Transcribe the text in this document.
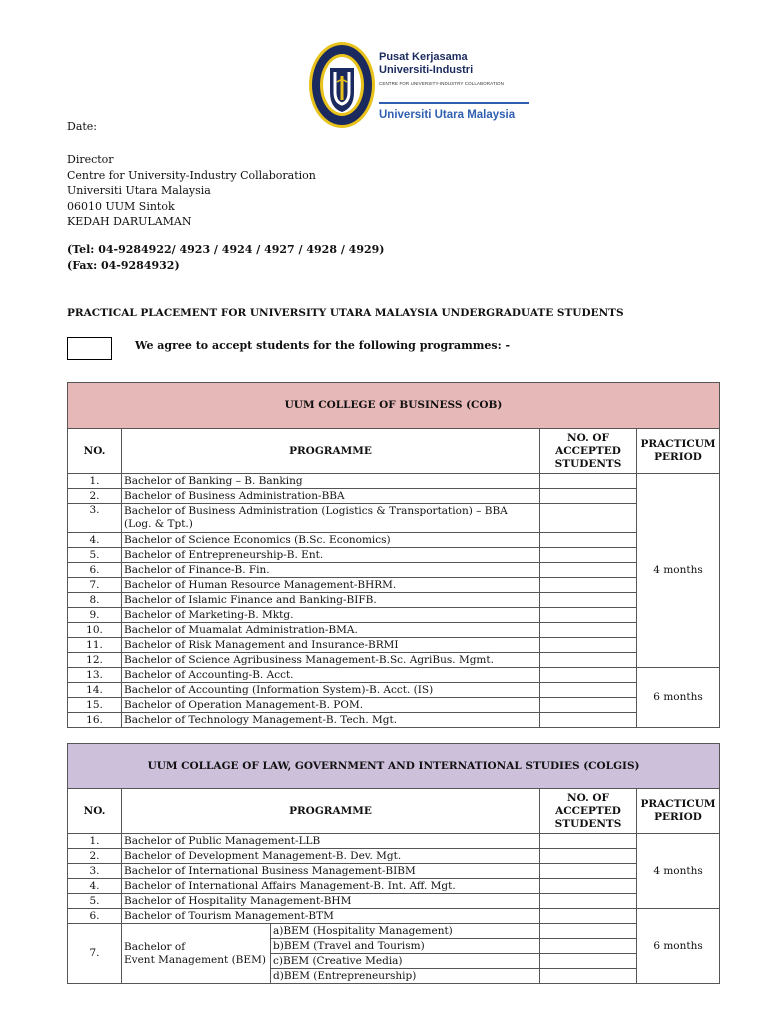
Pusat Kerjasama
Universiti-Industri
CENTRE FOR UNIVERSITY-INDUSTRY COLLABORATION
Universiti Utara Malaysia
Date:
Director
Centre for University-Industry Collaboration
Universiti Utara Malaysia
06010 UUM Sintok
KEDAH DARULAMAN
(Tel: 04-9284922/ 4923 / 4924 / 4927 / 4928 / 4929)
(Fax: 04-9284932)
PRACTICAL PLACEMENT FOR UNIVERSITY UTARA MALAYSIA UNDERGRADUATE STUDENTS
We agree to accept students for the following programmes: -
UUM COLLEGE OF BUSINESS (COB)			
NO.	PROGRAMME	NO. OF
ACCEPTED
STUDENTS	PRACTICUM
PERIOD
1.	Bachelor of Banking – B. Banking		4 months
2.	Bachelor of Business Administration-BBA		
3.	Bachelor of Business Administration (Logistics & Transportation) – BBA (Log. & Tpt.)		
4.	Bachelor of Science Economics (B.Sc. Economics)		
5.	Bachelor of Entrepreneurship-B. Ent.		
6.	Bachelor of Finance-B. Fin.		
7.	Bachelor of Human Resource Management-BHRM.		
8.	Bachelor of Islamic Finance and Banking-BIFB.		
9.	Bachelor of Marketing-B. Mktg.		
10.	Bachelor of Muamalat Administration-BMA.		
11.	Bachelor of Risk Management and Insurance-BRMI		
12.	Bachelor of Science Agribusiness Management-B.Sc. AgriBus. Mgmt.		
13.	Bachelor of Accounting-B. Acct.		6 months
14.	Bachelor of Accounting (Information System)-B. Acct. (IS)		
15.	Bachelor of Operation Management-B. POM.		
16.	Bachelor of Technology Management-B. Tech. Mgt.		
UUM COLLAGE OF LAW, GOVERNMENT AND INTERNATIONAL STUDIES (COLGIS)				
NO.	PROGRAMME		NO. OF
ACCEPTED
STUDENTS	PRACTICUM
PERIOD
1.	Bachelor of Public Management-LLB			4 months
2.	Bachelor of Development Management-B. Dev. Mgt.			
3.	Bachelor of International Business Management-BIBM			
4.	Bachelor of International Affairs Management-B. Int. Aff. Mgt.			
5.	Bachelor of Hospitality Management-BHM			
6.	Bachelor of Tourism Management-BTM			6 months
7.	Bachelor of
Event Management (BEM)	a)BEM (Hospitality Management)		
		b)BEM (Travel and Tourism)		
		c)BEM (Creative Media)		
		d)BEM (Entrepreneurship)		
